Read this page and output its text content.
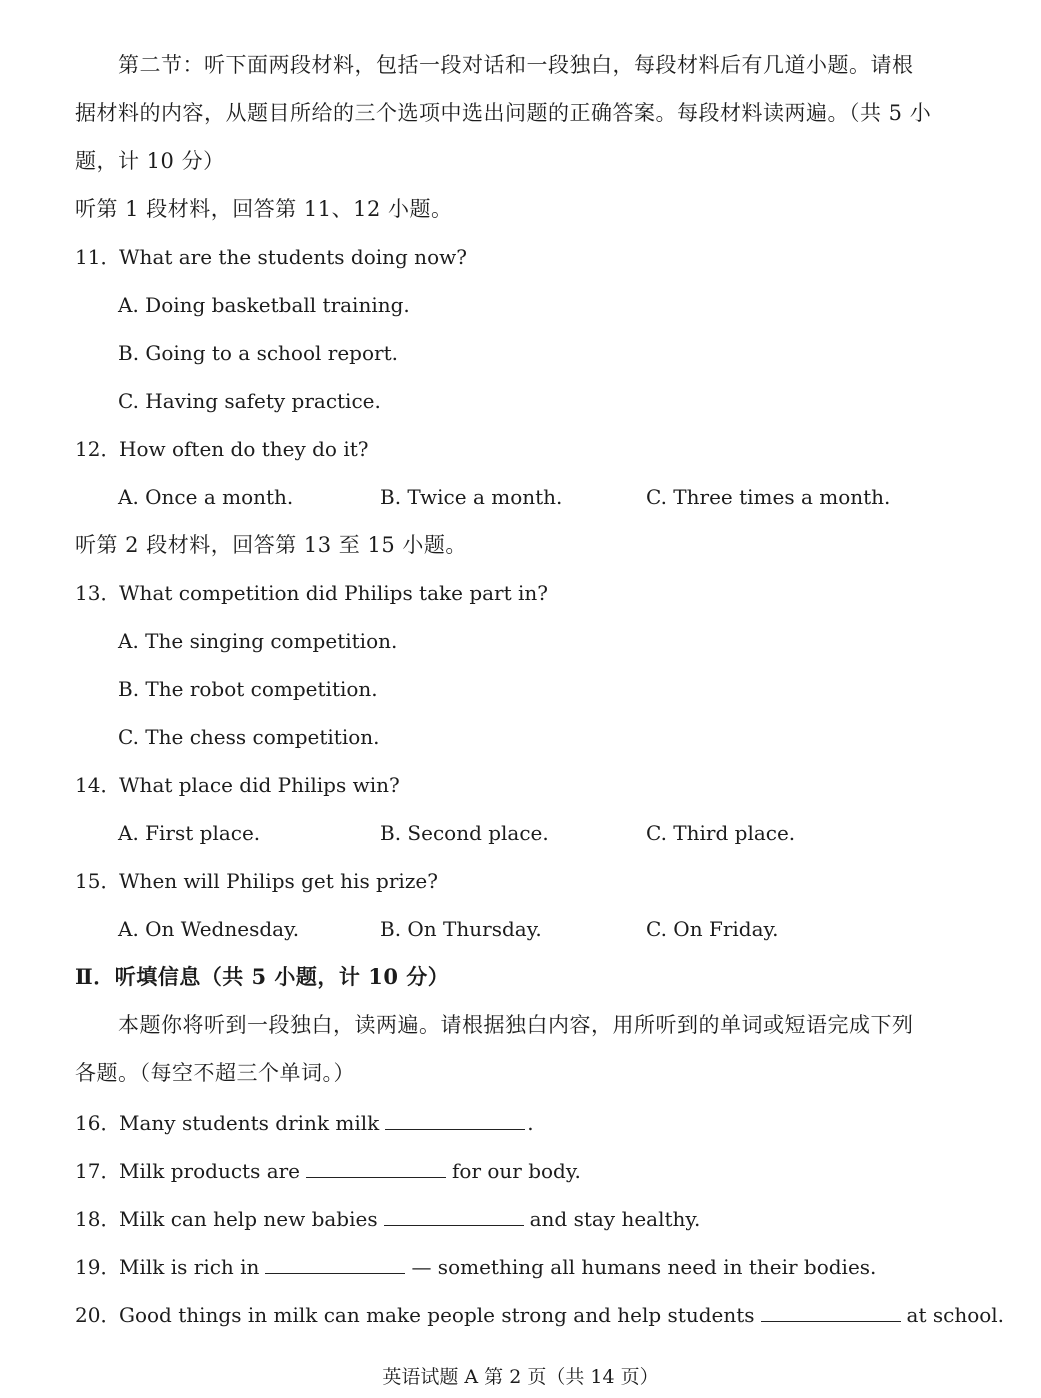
第二节：听下面两段材料，包括一段对话和一段独白，每段材料后有几道小题。请根
据材料的内容，从题目所给的三个选项中选出问题的正确答案。每段材料读两遍。（共 5 小
题，计 10 分）
听第 1 段材料，回答第 11、12 小题。
11．What are the students doing now?
A. Doing basketball training.
B. Going to a school report.
C. Having safety practice.
12．How often do they do it?
A. Once a month.	B. Twice a month.	C. Three times a month.
听第 2 段材料，回答第 13 至 15 小题。
13．What competition did Philips take part in?
A. The singing competition.
B. The robot competition.
C. The chess competition.
14．What place did Philips win?
A. First place.	B. Second place.	C. Third place.
15．When will Philips get his prize?
A. On Wednesday.	B. On Thursday.	C. On Friday.
Ⅱ．听填信息（共 5 小题，计 10 分）
本题你将听到一段独白，读两遍。请根据独白内容，用所听到的单词或短语完成下列
各题。（每空不超三个单词。）
16．Many students drink milk	.
17．Milk products are	for our body.
18．Milk can help new babies	and stay healthy.
19．Milk is rich in	— something all humans need in their bodies.
20．Good things in milk can make people strong and help students	at school.
英语试题 A 第 2 页（共 14 页）
